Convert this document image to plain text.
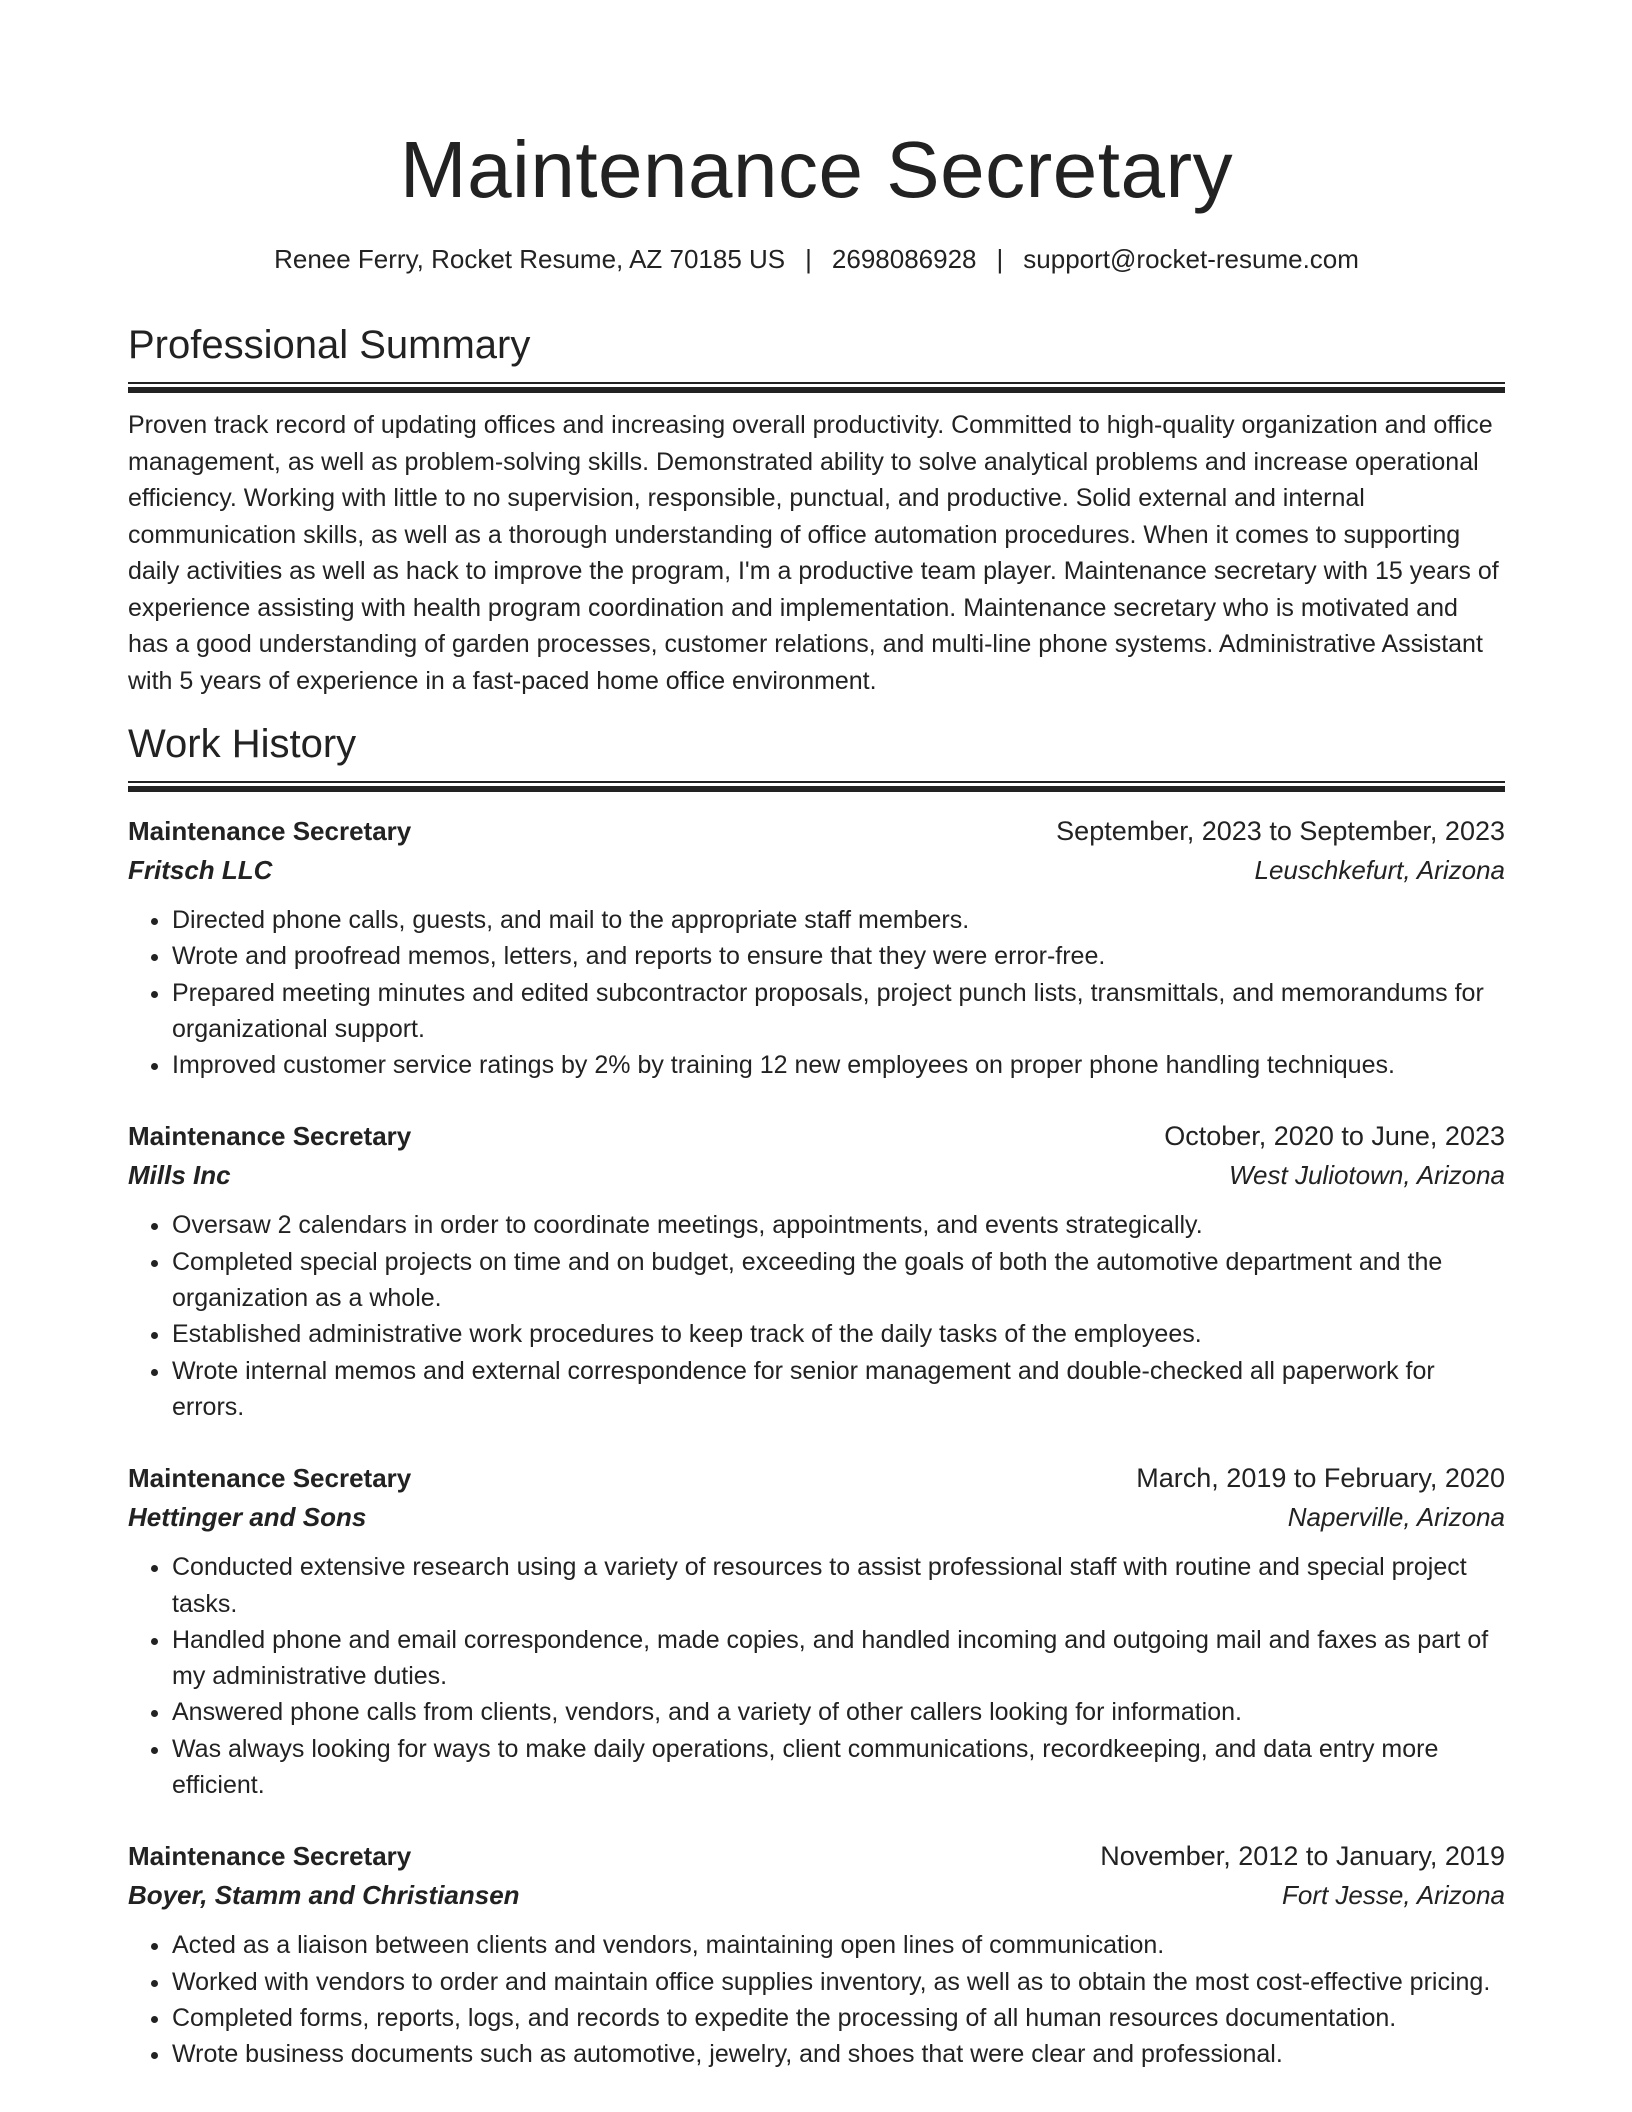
Maintenance Secretary
Renee Ferry, Rocket Resume, AZ 70185 US | 2698086928 | support@rocket-resume.com
Professional Summary
Proven track record of updating offices and increasing overall productivity. Committed to high-quality organization and office management, as well as problem-solving skills. Demonstrated ability to solve analytical problems and increase operational efficiency. Working with little to no supervision, responsible, punctual, and productive. Solid external and internal communication skills, as well as a thorough understanding of office automation procedures. When it comes to supporting daily activities as well as hack to improve the program, I'm a productive team player. Maintenance secretary with 15 years of experience assisting with health program coordination and implementation. Maintenance secretary who is motivated and has a good understanding of garden processes, customer relations, and multi-line phone systems. Administrative Assistant with 5 years of experience in a fast-paced home office environment.
Work History
Maintenance Secretary	September, 2023 to September, 2023
Fritsch LLC	Leuschkefurt, Arizona
• Directed phone calls, guests, and mail to the appropriate staff members.
• Wrote and proofread memos, letters, and reports to ensure that they were error-free.
• Prepared meeting minutes and edited subcontractor proposals, project punch lists, transmittals, and memorandums for organizational support.
• Improved customer service ratings by 2% by training 12 new employees on proper phone handling techniques.
Maintenance Secretary	October, 2020 to June, 2023
Mills Inc	West Juliotown, Arizona
• Oversaw 2 calendars in order to coordinate meetings, appointments, and events strategically.
• Completed special projects on time and on budget, exceeding the goals of both the automotive department and the organization as a whole.
• Established administrative work procedures to keep track of the daily tasks of the employees.
• Wrote internal memos and external correspondence for senior management and double-checked all paperwork for errors.
Maintenance Secretary	March, 2019 to February, 2020
Hettinger and Sons	Naperville, Arizona
• Conducted extensive research using a variety of resources to assist professional staff with routine and special project tasks.
• Handled phone and email correspondence, made copies, and handled incoming and outgoing mail and faxes as part of my administrative duties.
• Answered phone calls from clients, vendors, and a variety of other callers looking for information.
• Was always looking for ways to make daily operations, client communications, recordkeeping, and data entry more efficient.
Maintenance Secretary	November, 2012 to January, 2019
Boyer, Stamm and Christiansen	Fort Jesse, Arizona
• Acted as a liaison between clients and vendors, maintaining open lines of communication.
• Worked with vendors to order and maintain office supplies inventory, as well as to obtain the most cost-effective pricing.
• Completed forms, reports, logs, and records to expedite the processing of all human resources documentation.
• Wrote business documents such as automotive, jewelry, and shoes that were clear and professional.
